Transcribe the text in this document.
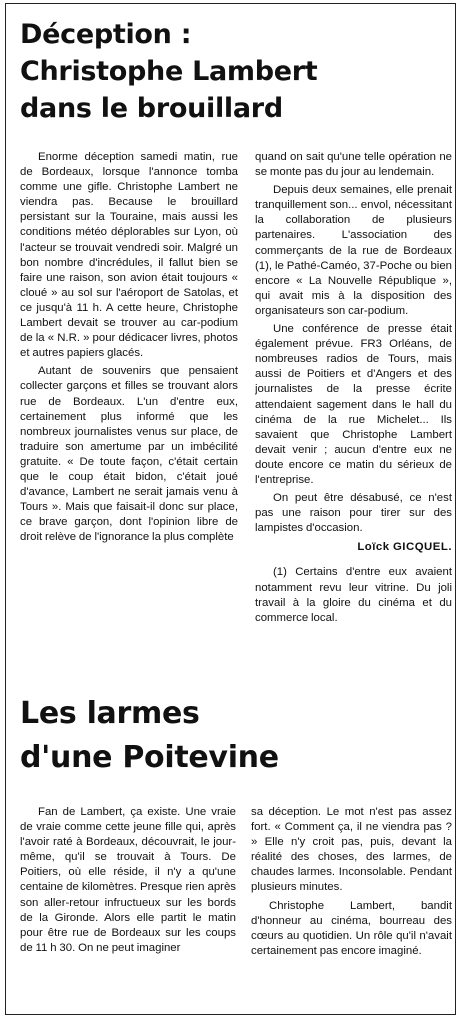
Déception :
Christophe Lambert
dans le brouillard

Enorme déception samedi matin, rue de Bordeaux, lorsque l'annonce tomba comme une gifle. Christophe Lambert ne viendra pas. Because le brouillard persistant sur la Touraine, mais aussi les conditions météo déplorables sur Lyon, où l'acteur se trouvait vendredi soir. Malgré un bon nombre d'incrédules, il fallut bien se faire une raison, son avion était toujours « cloué » au sol sur l'aéroport de Satolas, et ce jusqu'à 11 h. A cette heure, Christophe Lambert devait se trouver au car-podium de la « N.R. » pour dédicacer livres, photos et autres papiers glacés.

Autant de souvenirs que pensaient collecter garçons et filles se trouvant alors rue de Bordeaux. L'un d'entre eux, certainement plus informé que les nombreux journalistes venus sur place, de traduire son amertume par un imbécilité gratuite. « De toute façon, c'était certain que le coup était bidon, c'était joué d'avance, Lambert ne serait jamais venu à Tours ». Mais que faisait-il donc sur place, ce brave garçon, dont l'opinion libre de droit relève de l'ignorance la plus complète

quand on sait qu'une telle opération ne se monte pas du jour au lendemain.

Depuis deux semaines, elle prenait tranquillement son... envol, nécessitant la collaboration de plusieurs partenaires. L'association des commerçants de la rue de Bordeaux (1), le Pathé-Caméo, 37-Poche ou bien encore « La Nouvelle République », qui avait mis à la disposition des organisateurs son car-podium.

Une conférence de presse était également prévue. FR3 Orléans, de nombreuses radios de Tours, mais aussi de Poitiers et d'Angers et des journalistes de la presse écrite attendaient sagement dans le hall du cinéma de la rue Michelet... Ils savaient que Christophe Lambert devait venir ; aucun d'entre eux ne doute encore ce matin du sérieux de l'entreprise.

On peut être désabusé, ce n'est pas une raison pour tirer sur des lampistes d'occasion.

Loïck GICQUEL.

(1) Certains d'entre eux avaient notamment revu leur vitrine. Du joli travail à la gloire du cinéma et du commerce local.

Les larmes
d'une Poitevine

Fan de Lambert, ça existe. Une vraie de vraie comme cette jeune fille qui, après l'avoir raté à Bordeaux, découvrait, le jour-même, qu'il se trouvait à Tours. De Poitiers, où elle réside, il n'y a qu'une centaine de kilomètres. Presque rien après son aller-retour infructueux sur les bords de la Gironde. Alors elle partit le matin pour être rue de Bordeaux sur les coups de 11 h 30. On ne peut imaginer

sa déception. Le mot n'est pas assez fort. « Comment ça, il ne viendra pas ? » Elle n'y croit pas, puis, devant la réalité des choses, des larmes, de chaudes larmes. Inconsolable. Pendant plusieurs minutes.

Christophe Lambert, bandit d'honneur au cinéma, bourreau des cœurs au quotidien. Un rôle qu'il n'avait certainement pas encore imaginé.
